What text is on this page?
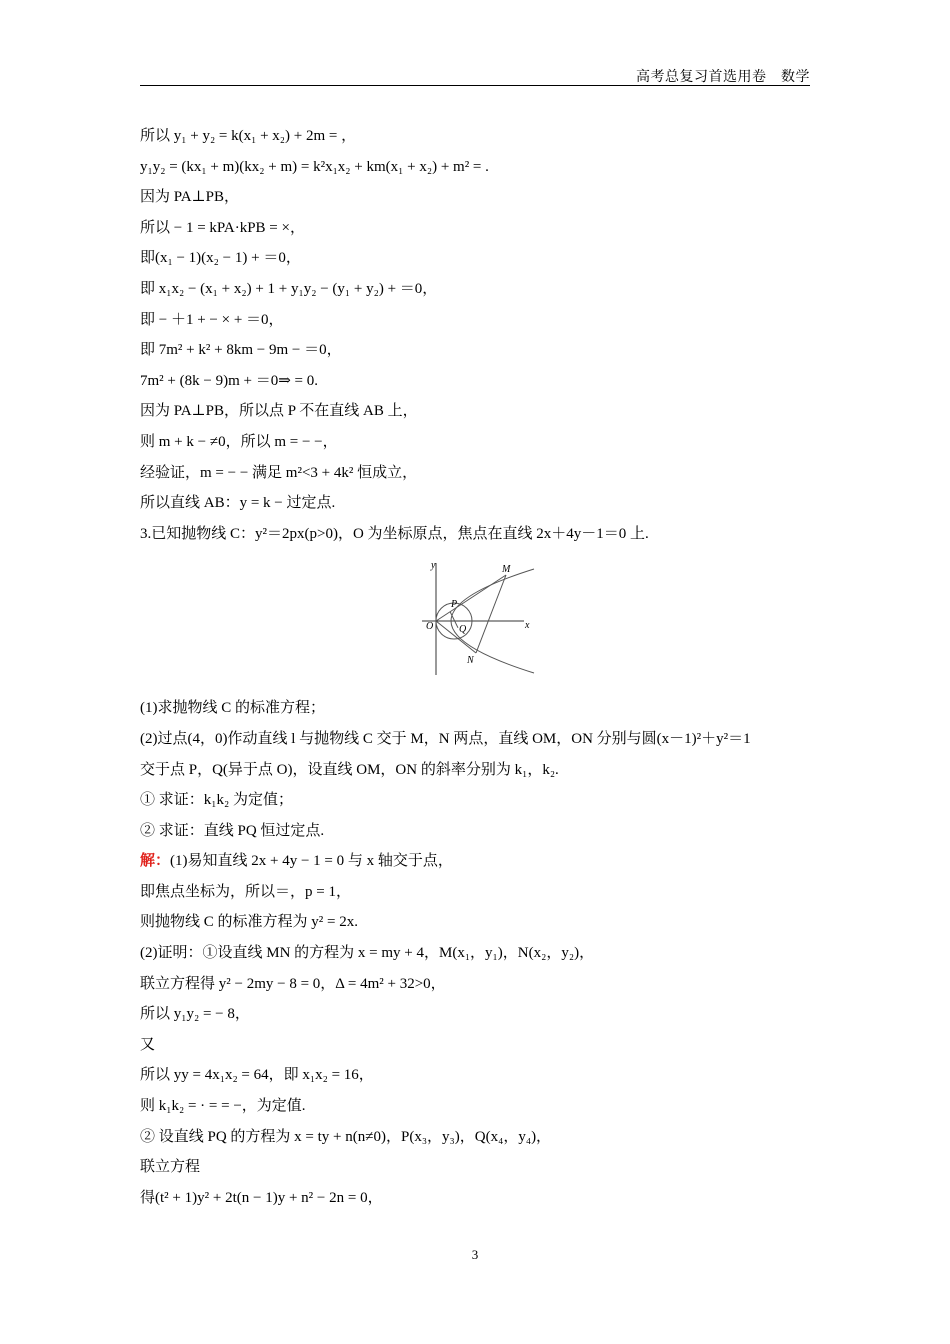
高考总复习首选用卷　数学
所以 y₁ + y₂ = k(x₁ + x₂) + 2m = ，
y₁y₂ = (kx₁ + m)(kx₂ + m) = k²x₁x₂ + km(x₁ + x₂) + m² = .
因为 PA⊥PB，
所以 − 1 = kPA·kPB = ×，
即(x₁ − 1)(x₂ − 1) + ＝0，
即 x₁x₂ − (x₁ + x₂) + 1 + y₁y₂ − (y₁ + y₂) + ＝0，
即 − ＋1 + − × + ＝0，
即 7m² + k² + 8km − 9m − ＝0，
7m² + (8k − 9)m + ＝0⇒ = 0.
因为 PA⊥PB，所以点 P 不在直线 AB 上，
则 m + k − ≠0，所以 m = − −，
经验证，m = − − 满足 m²<3 + 4k² 恒成立，
所以直线 AB：y = k − 过定点.
3.已知抛物线 C：y²＝2px(p>0)，O 为坐标原点，焦点在直线 2x＋4y－1＝0 上.
y
x
O
M
N
P
Q
(1)求抛物线 C 的标准方程；
(2)过点(4，0)作动直线 l 与抛物线 C 交于 M，N 两点，直线 OM，ON 分别与圆(x－1)²＋y²＝1
交于点 P，Q(异于点 O)，设直线 OM，ON 的斜率分别为 k₁，k₂.
① 求证：k₁k₂ 为定值；
② 求证：直线 PQ 恒过定点.
解：(1)易知直线 2x + 4y − 1 = 0 与 x 轴交于点，
即焦点坐标为，所以＝，p = 1，
则抛物线 C 的标准方程为 y² = 2x.
(2)证明：①设直线 MN 的方程为 x = my + 4，M(x₁，y₁)，N(x₂，y₂)，
联立方程得 y² − 2my − 8 = 0，Δ = 4m² + 32>0，
所以 y₁y₂ = − 8，
又
所以 yy = 4x₁x₂ = 64，即 x₁x₂ = 16，
则 k₁k₂ = · = = −，为定值.
② 设直线 PQ 的方程为 x = ty + n(n≠0)，P(x₃，y₃)，Q(x₄，y₄)，
联立方程
得(t² + 1)y² + 2t(n − 1)y + n² − 2n = 0，
3
